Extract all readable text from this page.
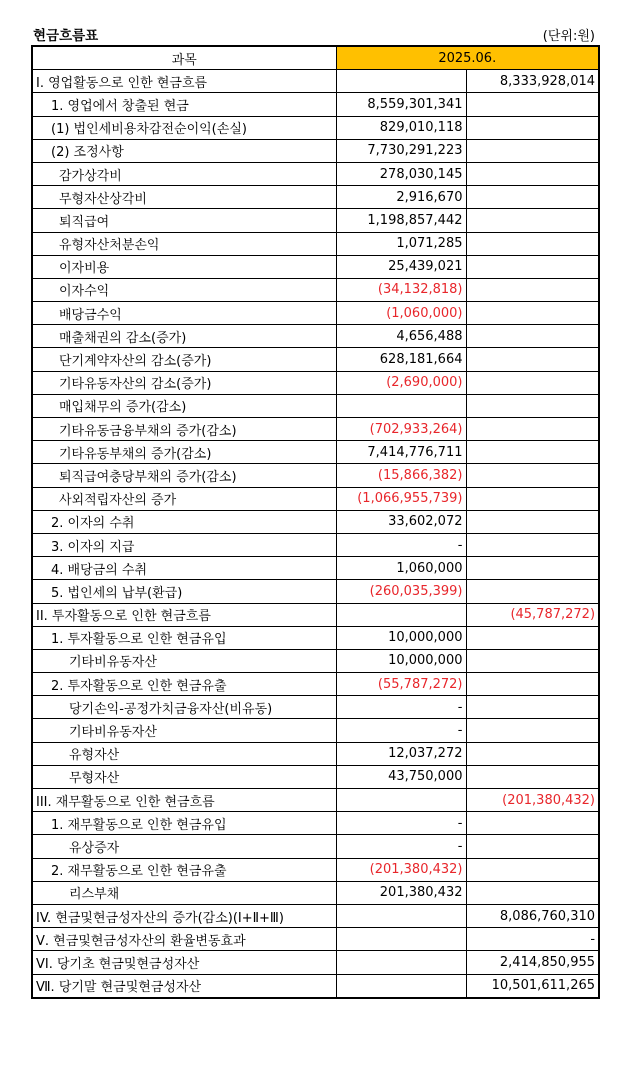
현금흐름표	(단위:원)
과목	2025.06.	
I. 영업활동으로 인한 현금흐름		8,333,928,014
1. 영업에서 창출된 현금	8,559,301,341	
(1) 법인세비용차감전순이익(손실)	829,010,118	
(2) 조정사항	7,730,291,223	
감가상각비	278,030,145	
무형자산상각비	2,916,670	
퇴직급여	1,198,857,442	
유형자산처분손익	1,071,285	
이자비용	25,439,021	
이자수익	(34,132,818)	
배당금수익	(1,060,000)	
매출채권의 감소(증가)	4,656,488	
단기계약자산의 감소(증가)	628,181,664	
기타유동자산의 감소(증가)	(2,690,000)	
매입채무의 증가(감소)		
기타유동금융부채의 증가(감소)	(702,933,264)	
기타유동부채의 증가(감소)	7,414,776,711	
퇴직급여충당부채의 증가(감소)	(15,866,382)	
사외적립자산의 증가	(1,066,955,739)	
2. 이자의 수취	33,602,072	
3. 이자의 지급	-	
4. 배당금의 수취	1,060,000	
5. 법인세의 납부(환급)	(260,035,399)	
II. 투자활동으로 인한 현금흐름		(45,787,272)
1. 투자활동으로 인한 현금유입	10,000,000	
기타비유동자산	10,000,000	
2. 투자활동으로 인한 현금유출	(55,787,272)	
당기손익-공정가치금융자산(비유동)	-	
기타비유동자산	-	
유형자산	12,037,272	
무형자산	43,750,000	
III. 재무활동으로 인한 현금흐름		(201,380,432)
1. 재무활동으로 인한 현금유입	-	
유상증자	-	
2. 재무활동으로 인한 현금유출	(201,380,432)	
리스부채	201,380,432	
IV. 현금및현금성자산의 증가(감소)(Ⅰ+Ⅱ+Ⅲ)		8,086,760,310
Ⅴ. 현금및현금성자산의 환율변동효과		-
VI. 당기초 현금및현금성자산		2,414,850,955
Ⅶ. 당기말 현금및현금성자산		10,501,611,265
